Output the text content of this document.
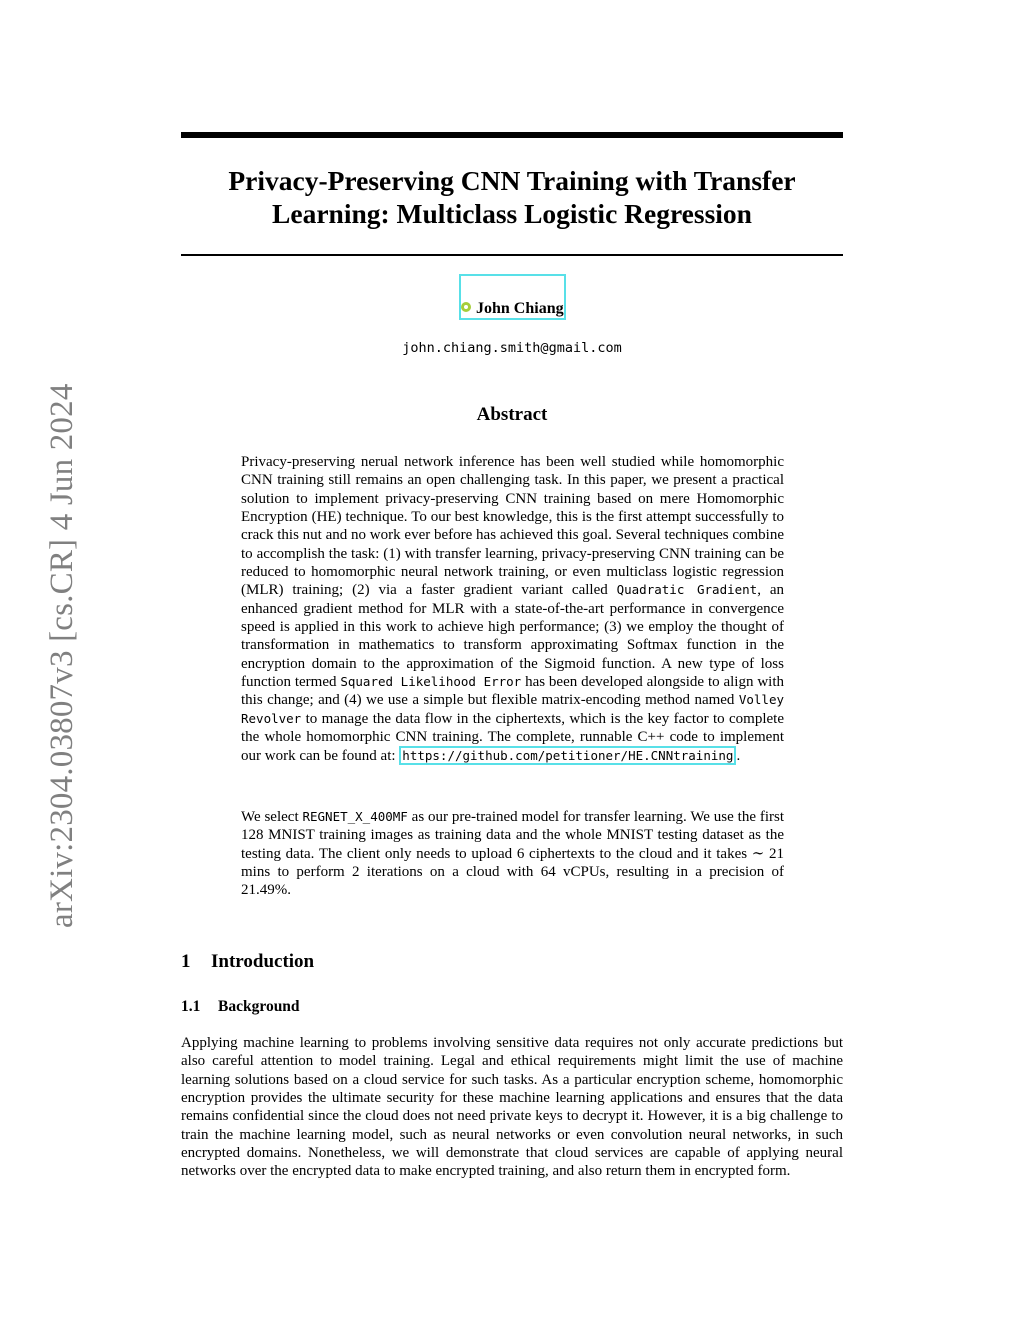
arXiv:2304.03807v3 [cs.CR] 4 Jun 2024
Privacy-Preserving CNN Training with Transfer
Learning: Multiclass Logistic Regression
John Chiang
john.chiang.smith@gmail.com
Abstract

Privacy-preserving nerual network inference has been well studied while homomorphic CNN training still remains an open challenging task. In this paper, we present a practical solution to implement privacy-preserving CNN training based on mere Homomorphic Encryption (HE) technique. To our best knowledge, this is the first attempt successfully to crack this nut and no work ever before has achieved this goal. Several techniques combine to accomplish the task: (1) with transfer learning, privacy-preserving CNN training can be reduced to homomorphic neural network training, or even multiclass logistic regression (MLR) training; (2) via a faster gradient variant called Quadratic Gradient, an enhanced gradient method for MLR with a state-of-the-art performance in convergence speed is applied in this work to achieve high performance; (3) we employ the thought of transformation in mathematics to transform approximating Softmax function in the encryption domain to the approximation of the Sigmoid function. A new type of loss function termed Squared Likelihood Error has been developed alongside to align with this change; and (4) we use a simple but flexible matrix-encoding method named Volley Revolver to manage the data flow in the ciphertexts, which is the key factor to complete the whole homomorphic CNN training. The complete, runnable C++ code to implement our work can be found at: https://github.com/petitioner/HE.CNNtraining .

We select REGNET_X_400MF as our pre-trained model for transfer learning. We use the first 128 MNIST training images as training data and the whole MNIST testing dataset as the testing data. The client only needs to upload 6 ciphertexts to the cloud and it takes ∼ 21 mins to perform 2 iterations on a cloud with 64 vCPUs, resulting in a precision of 21.49%.

1 Introduction
1.1 Background

Applying machine learning to problems involving sensitive data requires not only accurate predictions but also careful attention to model training. Legal and ethical requirements might limit the use of machine learning solutions based on a cloud service for such tasks. As a particular encryption scheme, homomorphic encryption provides the ultimate security for these machine learning applications and ensures that the data remains confidential since the cloud does not need private keys to decrypt it. However, it is a big challenge to train the machine learning model, such as neural networks or even convolution neural networks, in such encrypted domains. Nonetheless, we will demonstrate that cloud services are capable of applying neural networks over the encrypted data to make encrypted training, and also return them in encrypted form.
